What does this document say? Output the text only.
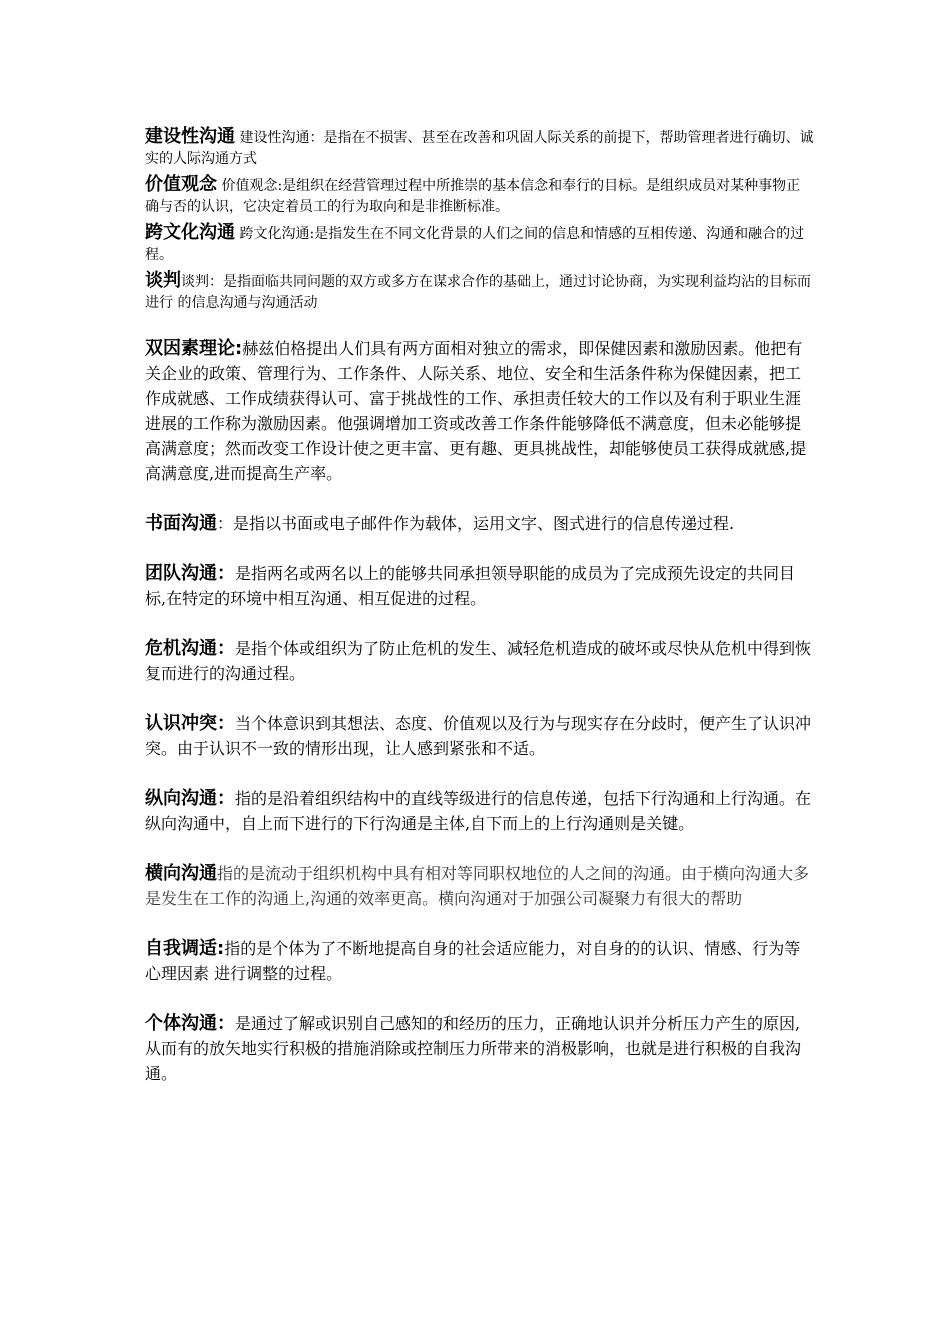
建设性沟通 建设性沟通：是指在不损害、甚至在改善和巩固人际关系的前提下，帮助管理者进行确切、诚 实的人际沟通方式

价值观念 价值观念:是组织在经营管理过程中所推崇的基本信念和奉行的目标。是组织成员对某种事物正 确与否的认识，它决定着员工的行为取向和是非推断标准。

跨文化沟通 跨文化沟通:是指发生在不同文化背景的人们之间的信息和情感的互相传递、沟通和融合的过程。

谈判谈判：是指面临共同问题的双方或多方在谋求合作的基础上，通过讨论协商，为实现利益均沾的目标而进行 的信息沟通与沟通活动

双因素理论:赫兹伯格提出人们具有两方面相对独立的需求，即保健因素和激励因素。他把有关企业的政策、管理行为、工作条件、人际关系、地位、安全和生活条件称为保健因素，把工作成就感、工作成绩获得认可、富于挑战性的工作、承担责任较大的工作以及有利于职业生涯进展的工作称为激励因素。他强调增加工资或改善工作条件能够降低不满意度，但未必能够提高满意度；然而改变工作设计使之更丰富、更有趣、更具挑战性，却能够使员工获得成就感,提高满意度,进而提高生产率。

书面沟通：是指以书面或电子邮件作为载体，运用文字、图式进行的信息传递过程.

团队沟通：是指两名或两名以上的能够共同承担领导职能的成员为了完成预先设定的共同目标,在特定的环境中相互沟通、相互促进的过程。

危机沟通：是指个体或组织为了防止危机的发生、减轻危机造成的破坏或尽快从危机中得到恢复而进行的沟通过程。

认识冲突：当个体意识到其想法、态度、价值观以及行为与现实存在分歧时，便产生了认识冲突。由于认识不一致的情形出现，让人感到紧张和不适。

纵向沟通：指的是沿着组织结构中的直线等级进行的信息传递，包括下行沟通和上行沟通。在纵向沟通中，自上而下进行的下行沟通是主体,自下而上的上行沟通则是关键。

横向沟通指的是流动于组织机构中具有相对等同职权地位的人之间的沟通。由于横向沟通大多是发生在工作的沟通上,沟通的效率更高。横向沟通对于加强公司凝聚力有很大的帮助

自我调适:指的是个体为了不断地提高自身的社会适应能力，对自身的的认识、情感、行为等心理因素 进行调整的过程。

个体沟通：是通过了解或识别自己感知的和经历的压力，正确地认识并分析压力产生的原因,从而有的放矢地实行积极的措施消除或控制压力所带来的消极影响，也就是进行积极的自我沟通。
